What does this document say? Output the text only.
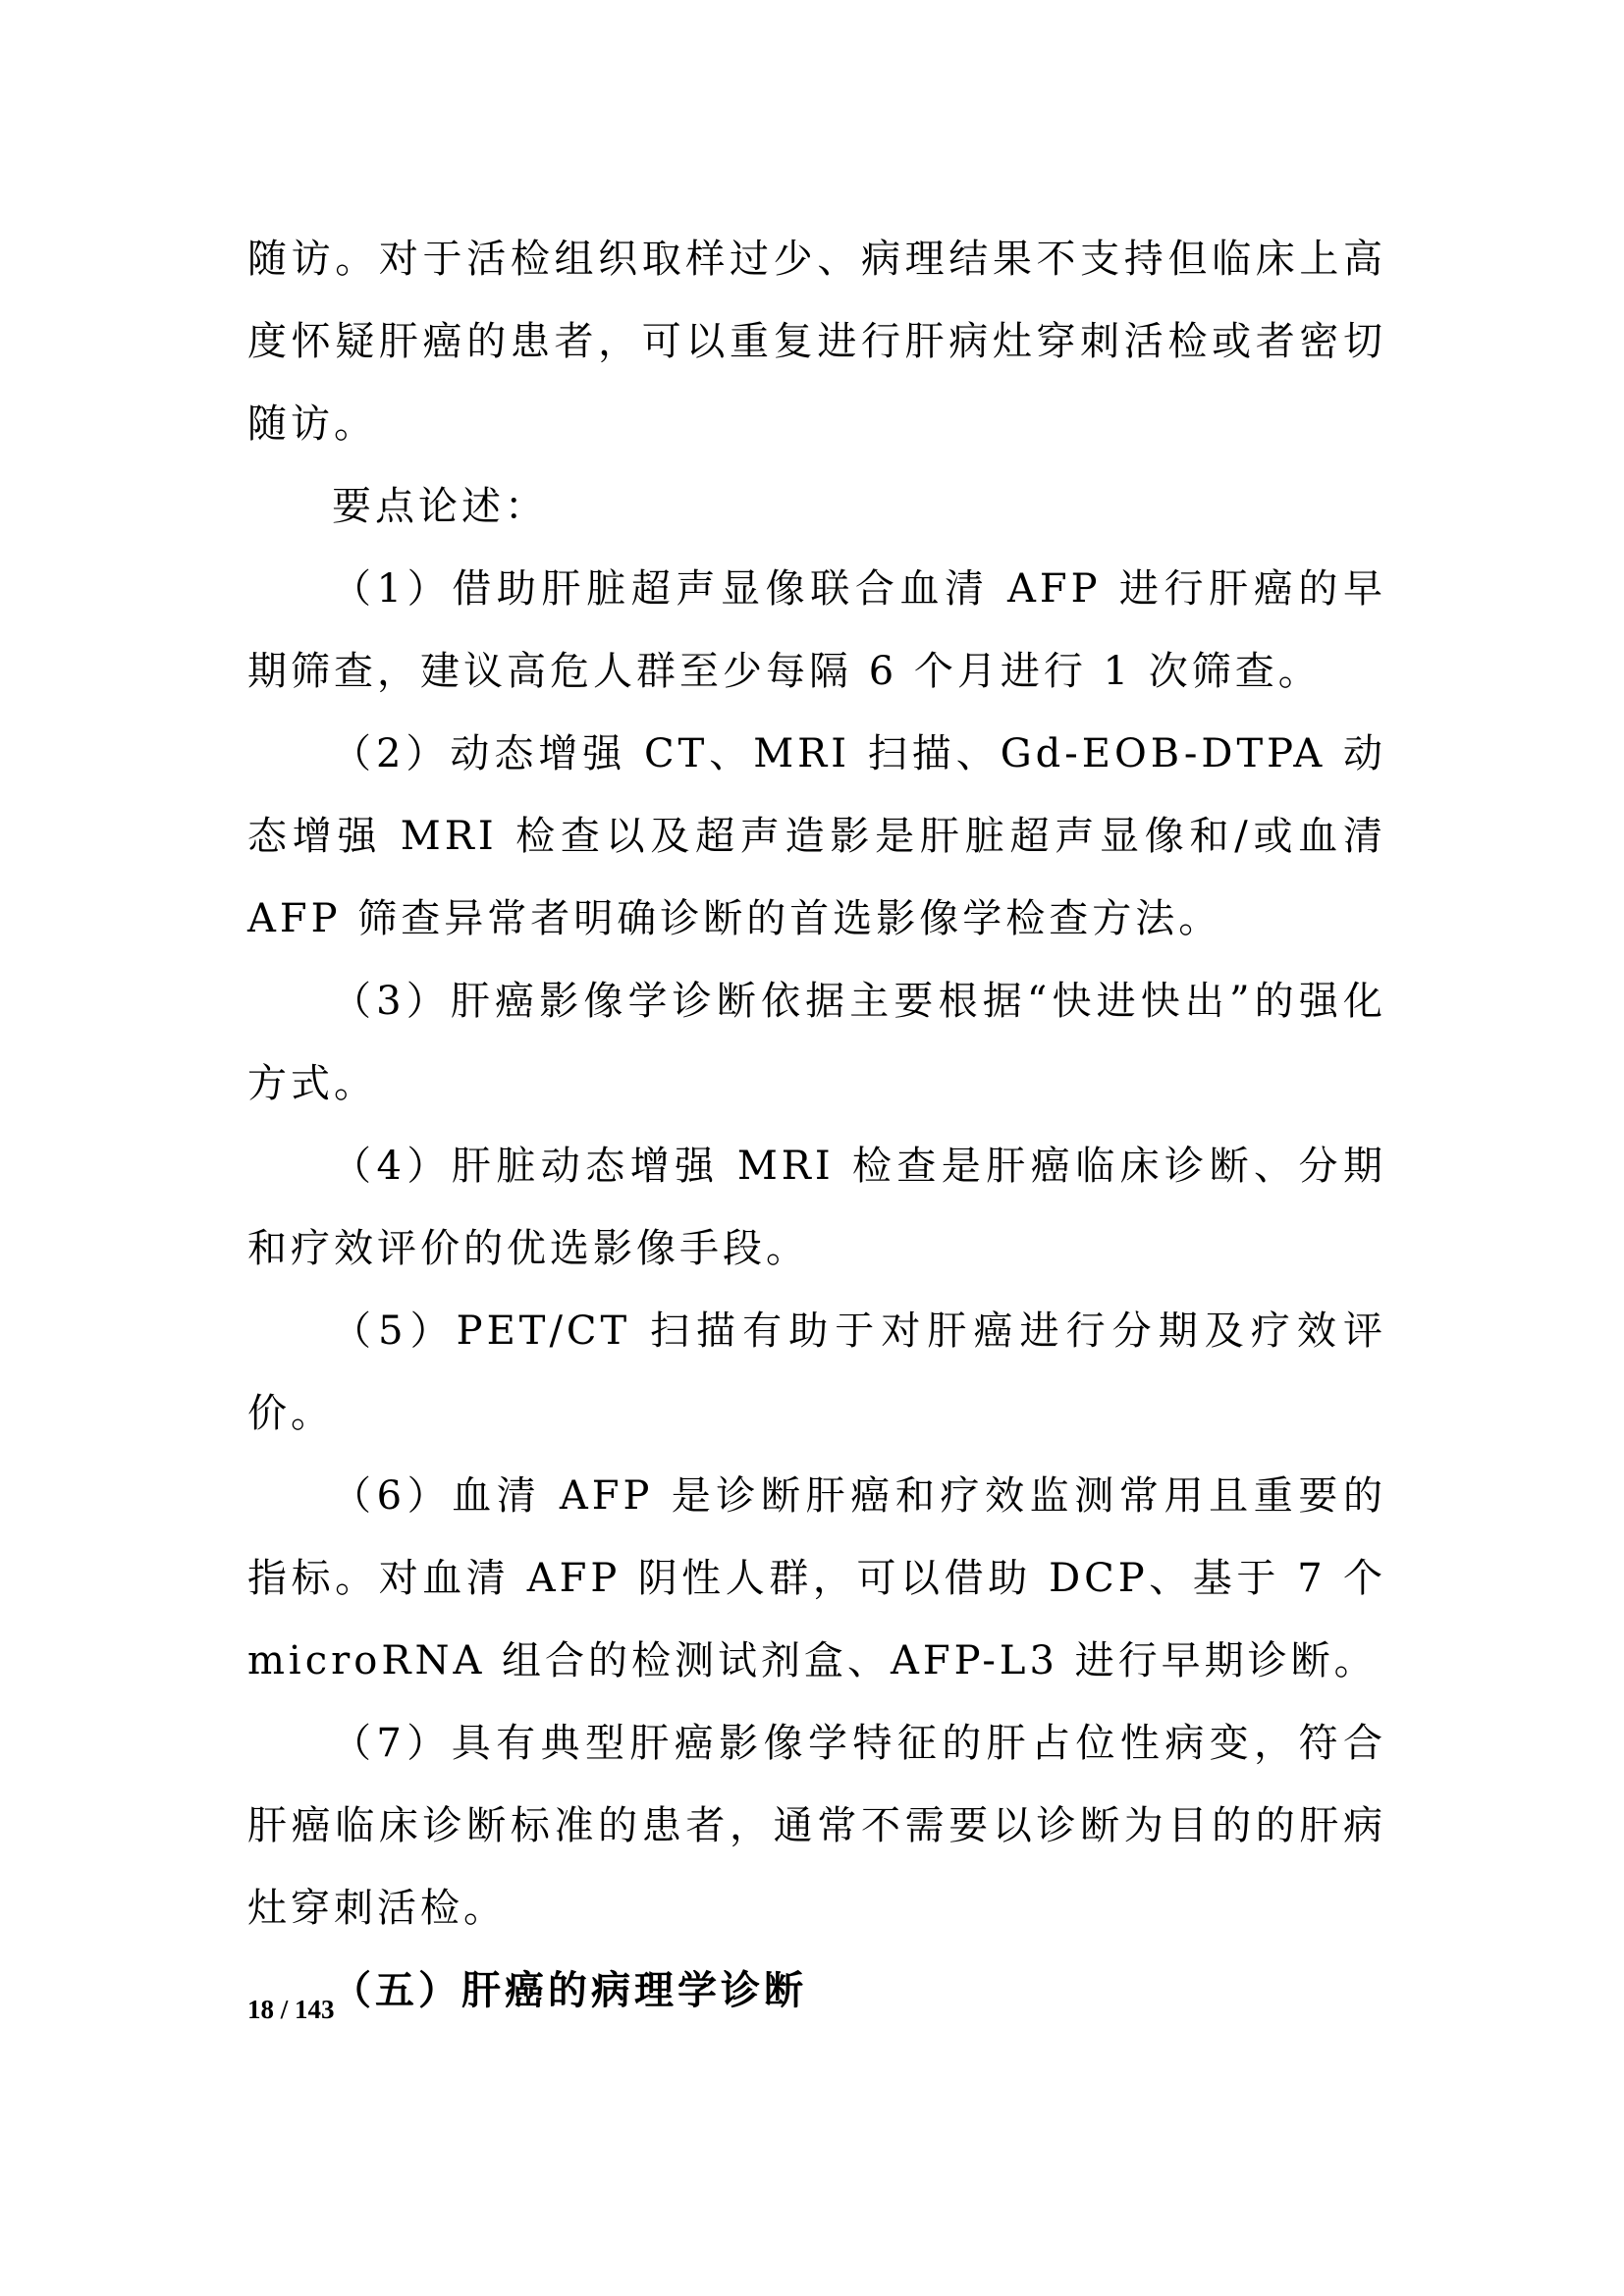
随访。对于活检组织取样过少、病理结果不支持但临床上高度怀疑肝癌的患者，可以重复进行肝病灶穿刺活检或者密切随访。

要点论述：

（1）借助肝脏超声显像联合血清 AFP 进行肝癌的早期筛查，建议高危人群至少每隔 6 个月进行 1 次筛查。

（2）动态增强 CT、MRI 扫描、Gd-EOB-DTPA 动态增强 MRI 检查以及超声造影是肝脏超声显像和/或血清 AFP 筛查异常者明确诊断的首选影像学检查方法。

（3）肝癌影像学诊断依据主要根据“快进快出”的强化方式。

（4）肝脏动态增强 MRI 检查是肝癌临床诊断、分期和疗效评价的优选影像手段。

（5）PET/CT 扫描有助于对肝癌进行分期及疗效评价。

（6）血清 AFP 是诊断肝癌和疗效监测常用且重要的指标。对血清 AFP 阴性人群，可以借助 DCP、基于 7 个 microRNA 组合的检测试剂盒、AFP-L3 进行早期诊断。

（7）具有典型肝癌影像学特征的肝占位性病变，符合肝癌临床诊断标准的患者，通常不需要以诊断为目的的肝病灶穿刺活检。

（五）肝癌的病理学诊断

18 / 143
